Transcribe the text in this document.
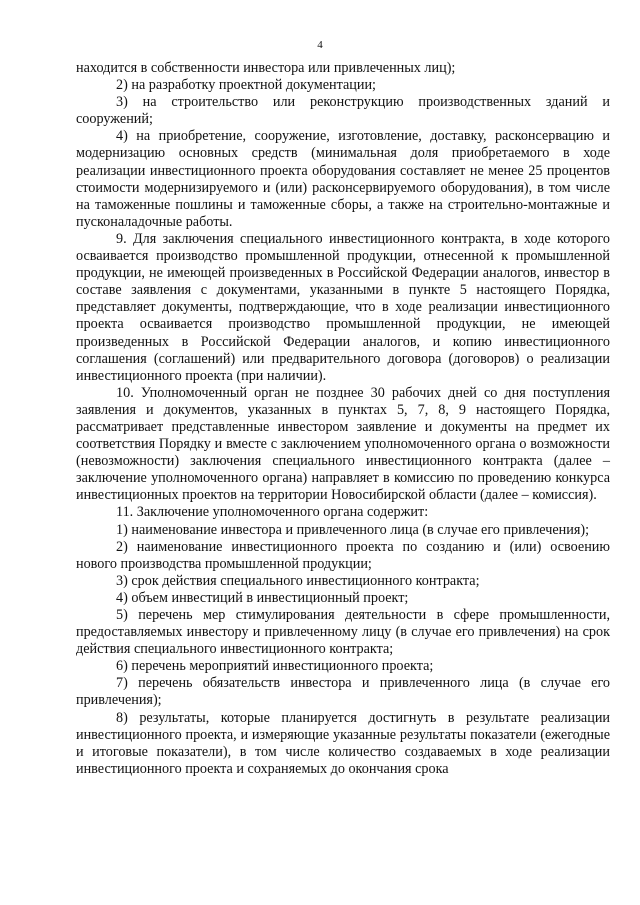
4

находится в собственности инвестора или привлеченных лиц);

2) на разработку проектной документации;

3) на строительство или реконструкцию производственных зданий и сооружений;

4) на приобретение, сооружение, изготовление, доставку, расконсервацию и модернизацию основных средств (минимальная доля приобретаемого в ходе реализации инвестиционного проекта оборудования составляет не менее 25 процентов стоимости модернизируемого и (или) расконсервируемого оборудования), в том числе на таможенные пошлины и таможенные сборы, а также на строительно-монтажные и пусконаладочные работы.

9. Для заключения специального инвестиционного контракта, в ходе которого осваивается производство промышленной продукции, отнесенной к промышленной продукции, не имеющей произведенных в Российской Федерации аналогов, инвестор в составе заявления с документами, указанными в пункте 5 настоящего Порядка, представляет документы, подтверждающие, что в ходе реализации инвестиционного проекта осваивается производство промышленной продукции, не имеющей произведенных в Российской Федерации аналогов, и копию инвестиционного соглашения (соглашений) или предварительного договора (договоров) о реализации инвестиционного проекта (при наличии).

10. Уполномоченный орган не позднее 30 рабочих дней со дня поступления заявления и документов, указанных в пунктах 5, 7, 8, 9 настоящего Порядка, рассматривает представленные инвестором заявление и документы на предмет их соответствия Порядку и вместе с заключением уполномоченного органа о возможности (невозможности) заключения специального инвестиционного контракта (далее – заключение уполномоченного органа) направляет в комиссию по проведению конкурса инвестиционных проектов на территории Новосибирской области (далее – комиссия).

11. Заключение уполномоченного органа содержит:

1) наименование инвестора и привлеченного лица (в случае его привлечения);

2) наименование инвестиционного проекта по созданию и (или) освоению нового производства промышленной продукции;

3) срок действия специального инвестиционного контракта;

4) объем инвестиций в инвестиционный проект;

5) перечень мер стимулирования деятельности в сфере промышленности, предоставляемых инвестору и привлеченному лицу (в случае его привлечения) на срок действия специального инвестиционного контракта;

6) перечень мероприятий инвестиционного проекта;

7) перечень обязательств инвестора и привлеченного лица (в случае его привлечения);

8) результаты, которые планируется достигнуть в результате реализации инвестиционного проекта, и измеряющие указанные результаты показатели (ежегодные и итоговые показатели), в том числе количество создаваемых в ходе реализации инвестиционного проекта и сохраняемых до окончания срока
